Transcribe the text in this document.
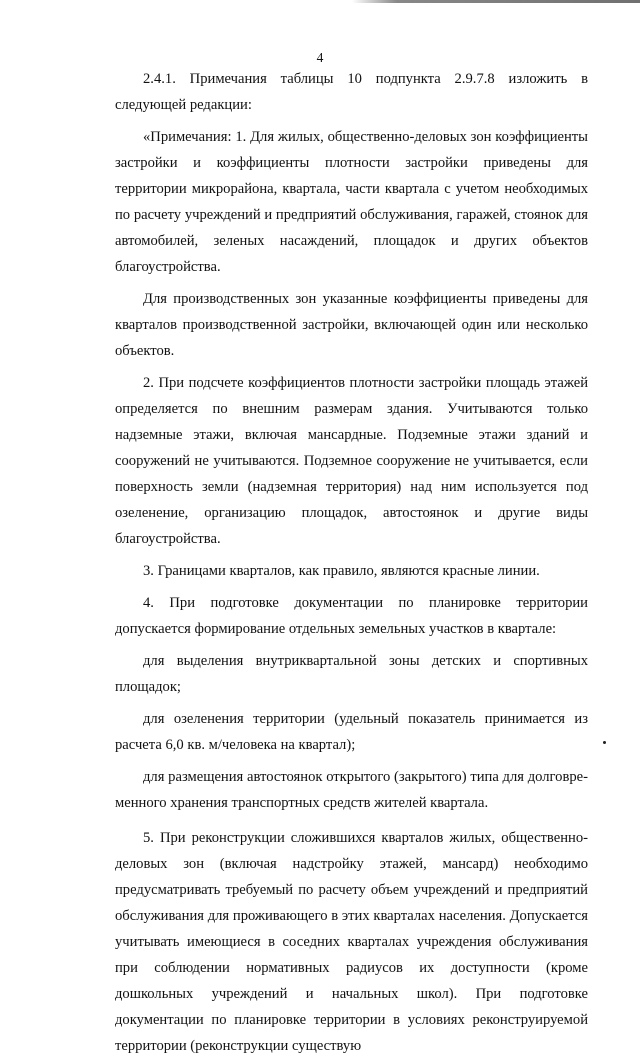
4

2.4.1. Примечания таблицы 10 подпункта 2.9.7.8 изложить в следующей редакции:

«Примечания: 1. Для жилых, общественно-деловых зон коэффициенты застройки и коэффициенты плотности застройки приведены для территории микрорайона, квартала, части квартала с учетом необходимых по расчету учреждений и предприятий обслуживания, гаражей, стоянок для автомобилей, зеленых насаждений, площадок и других объектов благоустройства.

Для производственных зон указанные коэффициенты приведены для кварталов производственной застройки, включающей один или несколько объектов.

2. При подсчете коэффициентов плотности застройки площадь этажей определяется по внешним размерам здания. Учитываются только надземные этажи, включая мансардные. Подземные этажи зданий и сооружений не учитываются. Подземное сооружение не учитывается, если поверхность земли (надземная территория) над ним используется под озеленение, организацию площадок, автостоянок и другие виды благоустройства.

3. Границами кварталов, как правило, являются красные линии.

4. При подготовке документации по планировке территории допускается формирование отдельных земельных участков в квартале:

для выделения внутриквартальной зоны детских и спортивных площадок;

для озеленения территории (удельный показатель принимается из расчета 6,0 кв. м/человека на квартал);

для размещения автостоянок открытого (закрытого) типа для долговременного хранения транспортных средств жителей квартала.

5. При реконструкции сложившихся кварталов жилых, общественно-деловых зон (включая надстройку этажей, мансард) необходимо предусматривать требуемый по расчету объем учреждений и предприятий обслуживания для проживающего в этих кварталах населения. Допускается учитывать имеющиеся в соседних кварталах учреждения обслуживания при соблюдении нормативных радиусов их доступности (кроме дошкольных учреждений и начальных школ). При подготовке документации по планировке территории в условиях реконструируемой территории (реконструкции существую
